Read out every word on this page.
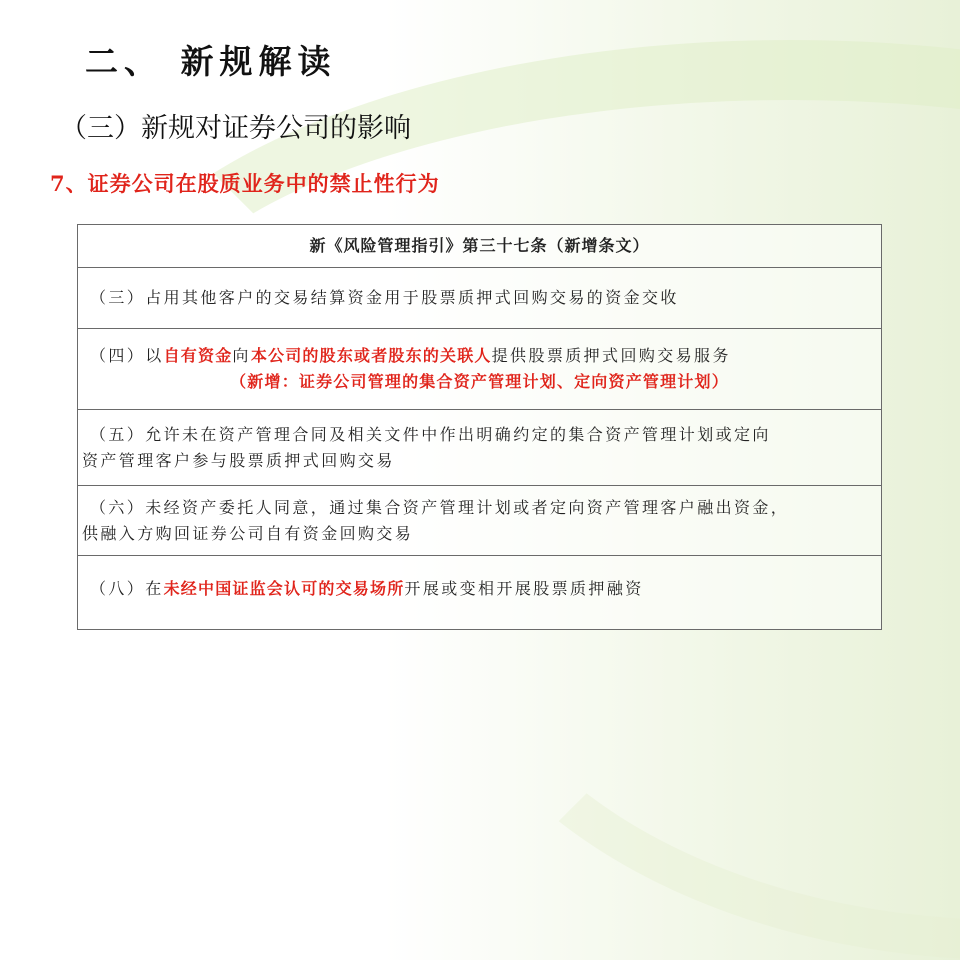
二、 新规解读
（三）新规对证券公司的影响
7、证券公司在股质业务中的禁止性行为
新《风险管理指引》第三十七条（新增条文）
（三）占用其他客户的交易结算资金用于股票质押式回购交易的资金交收
（四）以自有资金向本公司的股东或者股东的关联人提供股票质押式回购交易服务
（新增：证券公司管理的集合资产管理计划、定向资产管理计划）
（五）允许未在资产管理合同及相关文件中作出明确约定的集合资产管理计划或定向
资产管理客户参与股票质押式回购交易
（六）未经资产委托人同意，通过集合资产管理计划或者定向资产管理客户融出资金，
供融入方购回证券公司自有资金回购交易
（八）在未经中国证监会认可的交易场所开展或变相开展股票质押融资
